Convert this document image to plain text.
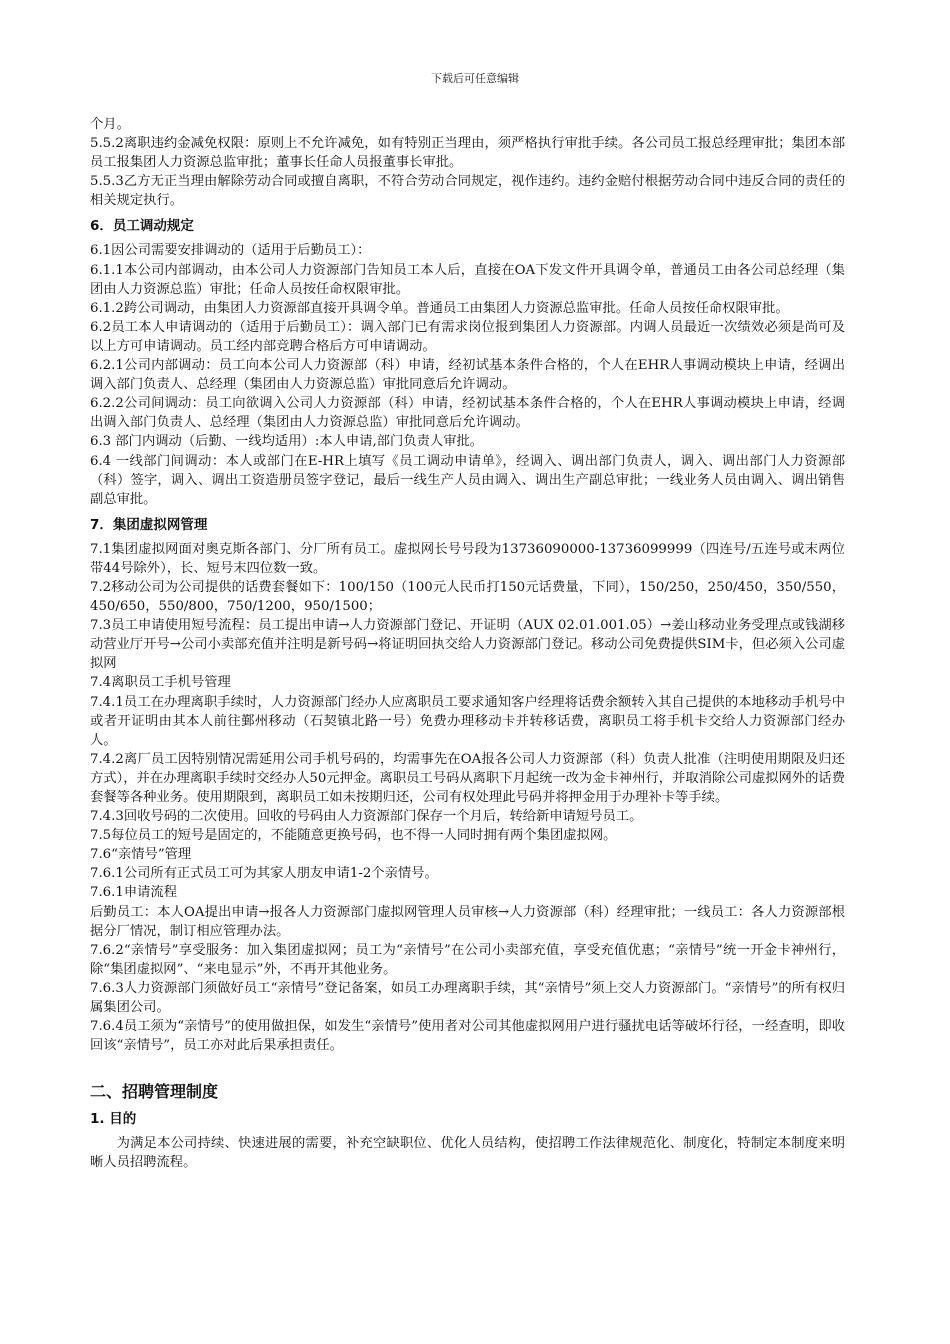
下载后可任意编辑
个月。
5.5.2离职违约金减免权限：原则上不允许减免，如有特别正当理由，须严格执行审批手续。各公司员工报总经理审批；集团本部员工报集团人力资源总监审批；董事长任命人员报董事长审批。
5.5.3乙方无正当理由解除劳动合同或擅自离职，不符合劳动合同规定，视作违约。违约金赔付根据劳动合同中违反合同的责任的相关规定执行。
6．员工调动规定
6.1因公司需要安排调动的（适用于后勤员工）：
6.1.1本公司内部调动，由本公司人力资源部门告知员工本人后，直接在OA下发文件开具调令单，普通员工由各公司总经理（集团由人力资源总监）审批；任命人员按任命权限审批。
6.1.2跨公司调动，由集团人力资源部直接开具调令单。普通员工由集团人力资源总监审批。任命人员按任命权限审批。
6.2员工本人申请调动的（适用于后勤员工）：调入部门已有需求岗位报到集团人力资源部。内调人员最近一次绩效必须是尚可及以上方可申请调动。员工经内部竞聘合格后方可申请调动。
6.2.1公司内部调动：员工向本公司人力资源部（科）申请，经初试基本条件合格的，个人在EHR人事调动模块上申请，经调出调入部门负责人、总经理（集团由人力资源总监）审批同意后允许调动。
6.2.2公司间调动：员工向欲调入公司人力资源部（科）申请，经初试基本条件合格的，个人在EHR人事调动模块上申请，经调出调入部门负责人、总经理（集团由人力资源总监）审批同意后允许调动。
6.3 部门内调动（后勤、一线均适用）:本人申请,部门负责人审批。
6.4 一线部门间调动：本人或部门在E-HR上填写《员工调动申请单》，经调入、调出部门负责人，调入、调出部门人力资源部（科）签字，调入、调出工资造册员签字登记，最后一线生产人员由调入、调出生产副总审批；一线业务人员由调入、调出销售副总审批。
7．集团虚拟网管理
7.1集团虚拟网面对奥克斯各部门、分厂所有员工。虚拟网长号号段为13736090000-13736099999（四连号/五连号或末两位带44号除外），长、短号末四位数一致。
7.2移动公司为公司提供的话费套餐如下：100/150（100元人民币打150元话费量，下同），150/250，250/450，350/550，450/650，550/800，750/1200，950/1500；
7.3员工申请使用短号流程：员工提出申请→人力资源部门登记、开证明（AUX 02.01.001.05）→姜山移动业务受理点或钱湖移动营业厅开号→公司小卖部充值并注明是新号码→将证明回执交给人力资源部门登记。移动公司免费提供SIM卡，但必须入公司虚拟网
7.4离职员工手机号管理
7.4.1员工在办理离职手续时，人力资源部门经办人应离职员工要求通知客户经理将话费余额转入其自己提供的本地移动手机号中或者开证明由其本人前往鄞州移动（石契镇北路一号）免费办理移动卡并转移话费，离职员工将手机卡交给人力资源部门经办人。
7.4.2离厂员工因特别情况需延用公司手机号码的，均需事先在OA报各公司人力资源部（科）负责人批准（注明使用期限及归还方式），并在办理离职手续时交经办人50元押金。离职员工号码从离职下月起统一改为金卡神州行，并取消除公司虚拟网外的话费套餐等各种业务。使用期限到，离职员工如未按期归还，公司有权处理此号码并将押金用于办理补卡等手续。
7.4.3回收号码的二次使用。回收的号码由人力资源部门保存一个月后，转给新申请短号员工。
7.5每位员工的短号是固定的，不能随意更换号码，也不得一人同时拥有两个集团虚拟网。
7.6“亲情号”管理
7.6.1公司所有正式员工可为其家人朋友申请1-2个亲情号。
7.6.1申请流程
后勤员工：本人OA提出申请→报各人力资源部门虚拟网管理人员审核→人力资源部（科）经理审批；一线员工：各人力资源部根据分厂情况，制订相应管理办法。
7.6.2“亲情号”享受服务：加入集团虚拟网；员工为“亲情号”在公司小卖部充值，享受充值优惠；“亲情号”统一开金卡神州行，除“集团虚拟网”、“来电显示”外，不再开其他业务。
7.6.3人力资源部门须做好员工“亲情号”登记备案，如员工办理离职手续，其“亲情号”须上交人力资源部门。“亲情号”的所有权归属集团公司。
7.6.4员工须为“亲情号”的使用做担保，如发生“亲情号”使用者对公司其他虚拟网用户进行骚扰电话等破坏行径，一经查明，即收回该“亲情号”，员工亦对此后果承担责任。
二、招聘管理制度
1. 目的
为满足本公司持续、快速进展的需要，补充空缺职位、优化人员结构，使招聘工作法律规范化、制度化，特制定本制度来明晰人员招聘流程。
